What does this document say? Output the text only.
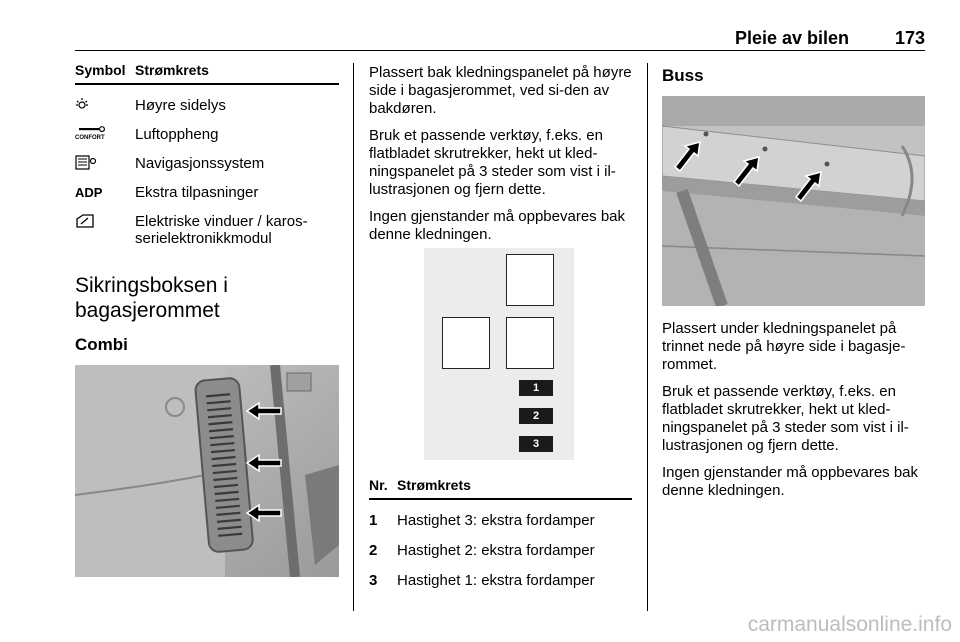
Pleie av bilen	173
Symbol Strømkrets
Høyre sidelys
CONFORT Luftoppheng
Navigasjonssystem
ADP	Ekstra tilpasninger
Elektriske vinduer / karos-serielektronikkmodul
Sikringsboksen i bagasjerommet
Combi

Plassert bak kledningspanelet på høyre side i bagasjerommet, ved si-den av bakdøren.

Bruk et passende verktøy, f.eks. en flatbladet skrutrekker, hekt ut kled-ningspanelet på 3 steder som vist i il-lustrasjonen og fjern dette.

Ingen gjenstander må oppbevares bak denne kledningen.

1
2
3
Nr. Strømkrets
1	Hastighet 3: ekstra fordamper
2	Hastighet 2: ekstra fordamper
3	Hastighet 1: ekstra fordamper
Buss

Plassert under kledningspanelet på trinnet nede på høyre side i bagasje-rommet.

Bruk et passende verktøy, f.eks. en flatbladet skrutrekker, hekt ut kled-ningspanelet på 3 steder som vist i il-lustrasjonen og fjern dette.

Ingen gjenstander må oppbevares bak denne kledningen.

carmanualsonline.info
